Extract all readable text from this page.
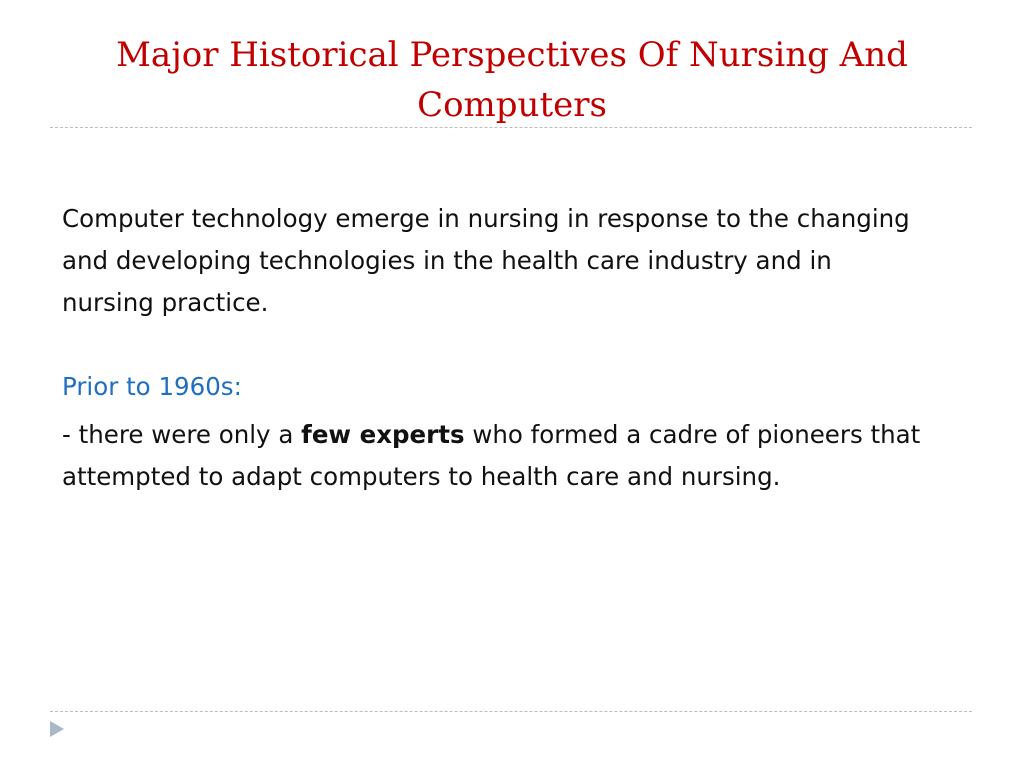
Major Historical Perspectives Of Nursing And Computers

Computer technology emerge in nursing in response to the changing and developing technologies in the health care industry and in nursing practice.

Prior to 1960s:

- there were only a few experts who formed a cadre of pioneers that attempted to adapt computers to health care and nursing.
